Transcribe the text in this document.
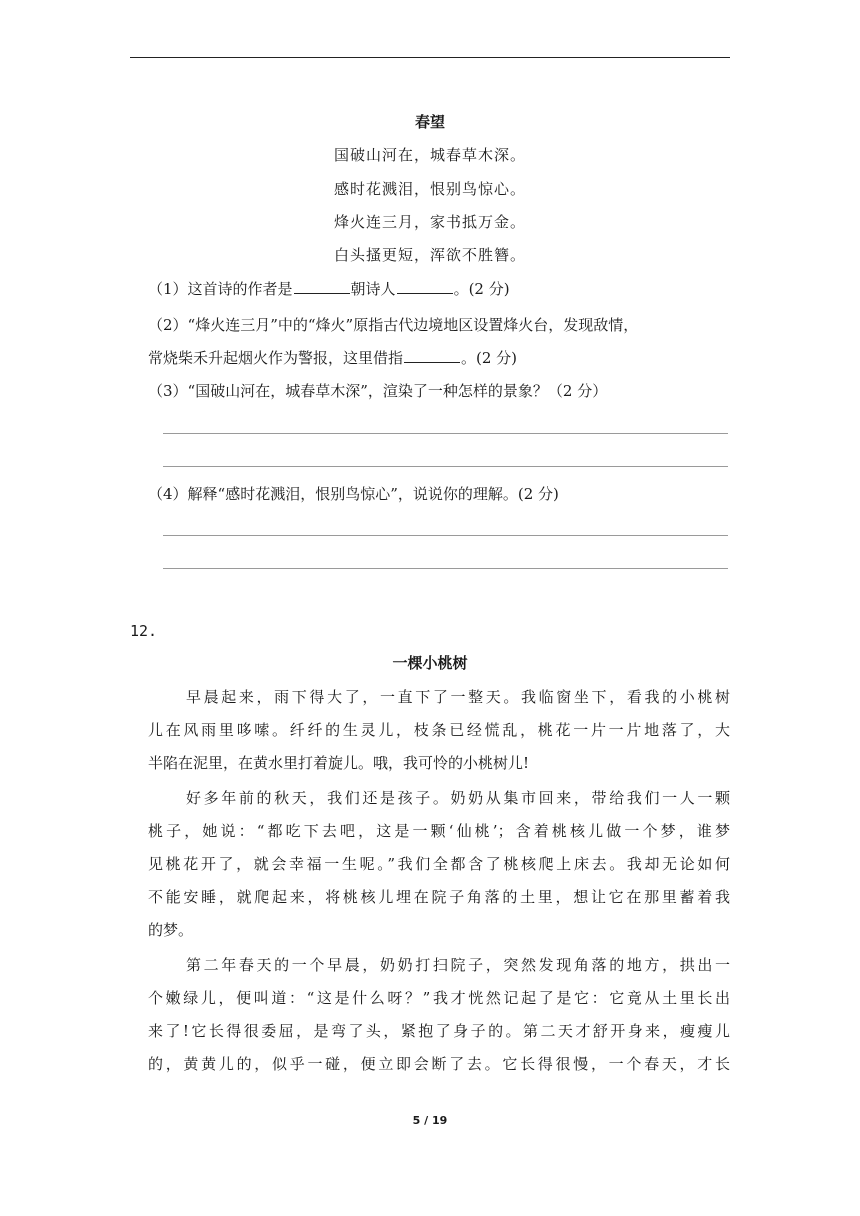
春望
国破山河在，城春草木深。
感时花溅泪，恨别鸟惊心。
烽火连三月，家书抵万金。
白头搔更短，浑欲不胜簪。
（1）这首诗的作者是	朝诗人	。(2 分)
（2）“烽火连三月”中的“烽火”原指古代边境地区设置烽火台，发现敌情，
常烧柴禾升起烟火作为警报，这里借指	。(2 分)
（3）“国破山河在，城春草木深”，渲染了一种怎样的景象？（2 分）
（4）解释“感时花溅泪，恨别鸟惊心”，说说你的理解。(2 分)
12.
一棵小桃树
早晨起来，雨下得大了，一直下了一整天。我临窗坐下，看我的小桃树
儿在风雨里哆嗦。纤纤的生灵儿，枝条已经慌乱，桃花一片一片地落了，大
半陷在泥里，在黄水里打着旋儿。哦，我可怜的小桃树儿!
好多年前的秋天，我们还是孩子。奶奶从集市回来，带给我们一人一颗
桃子，她说：“都吃下去吧，这是一颗‘仙桃’；含着桃核儿做一个梦，谁梦
见桃花开了，就会幸福一生呢。”我们全都含了桃核爬上床去。我却无论如何
不能安睡，就爬起来，将桃核儿埋在院子角落的土里，想让它在那里蓄着我
的梦。
第二年春天的一个早晨，奶奶打扫院子，突然发现角落的地方，拱出一
个嫩绿儿，便叫道：“这是什么呀？”我才恍然记起了是它：它竟从土里长出
来了!它长得很委屈，是弯了头，紧抱了身子的。第二天才舒开身来，瘦瘦儿
的，黄黄儿的，似乎一碰，便立即会断了去。它长得很慢，一个春天，才长
5 / 19
